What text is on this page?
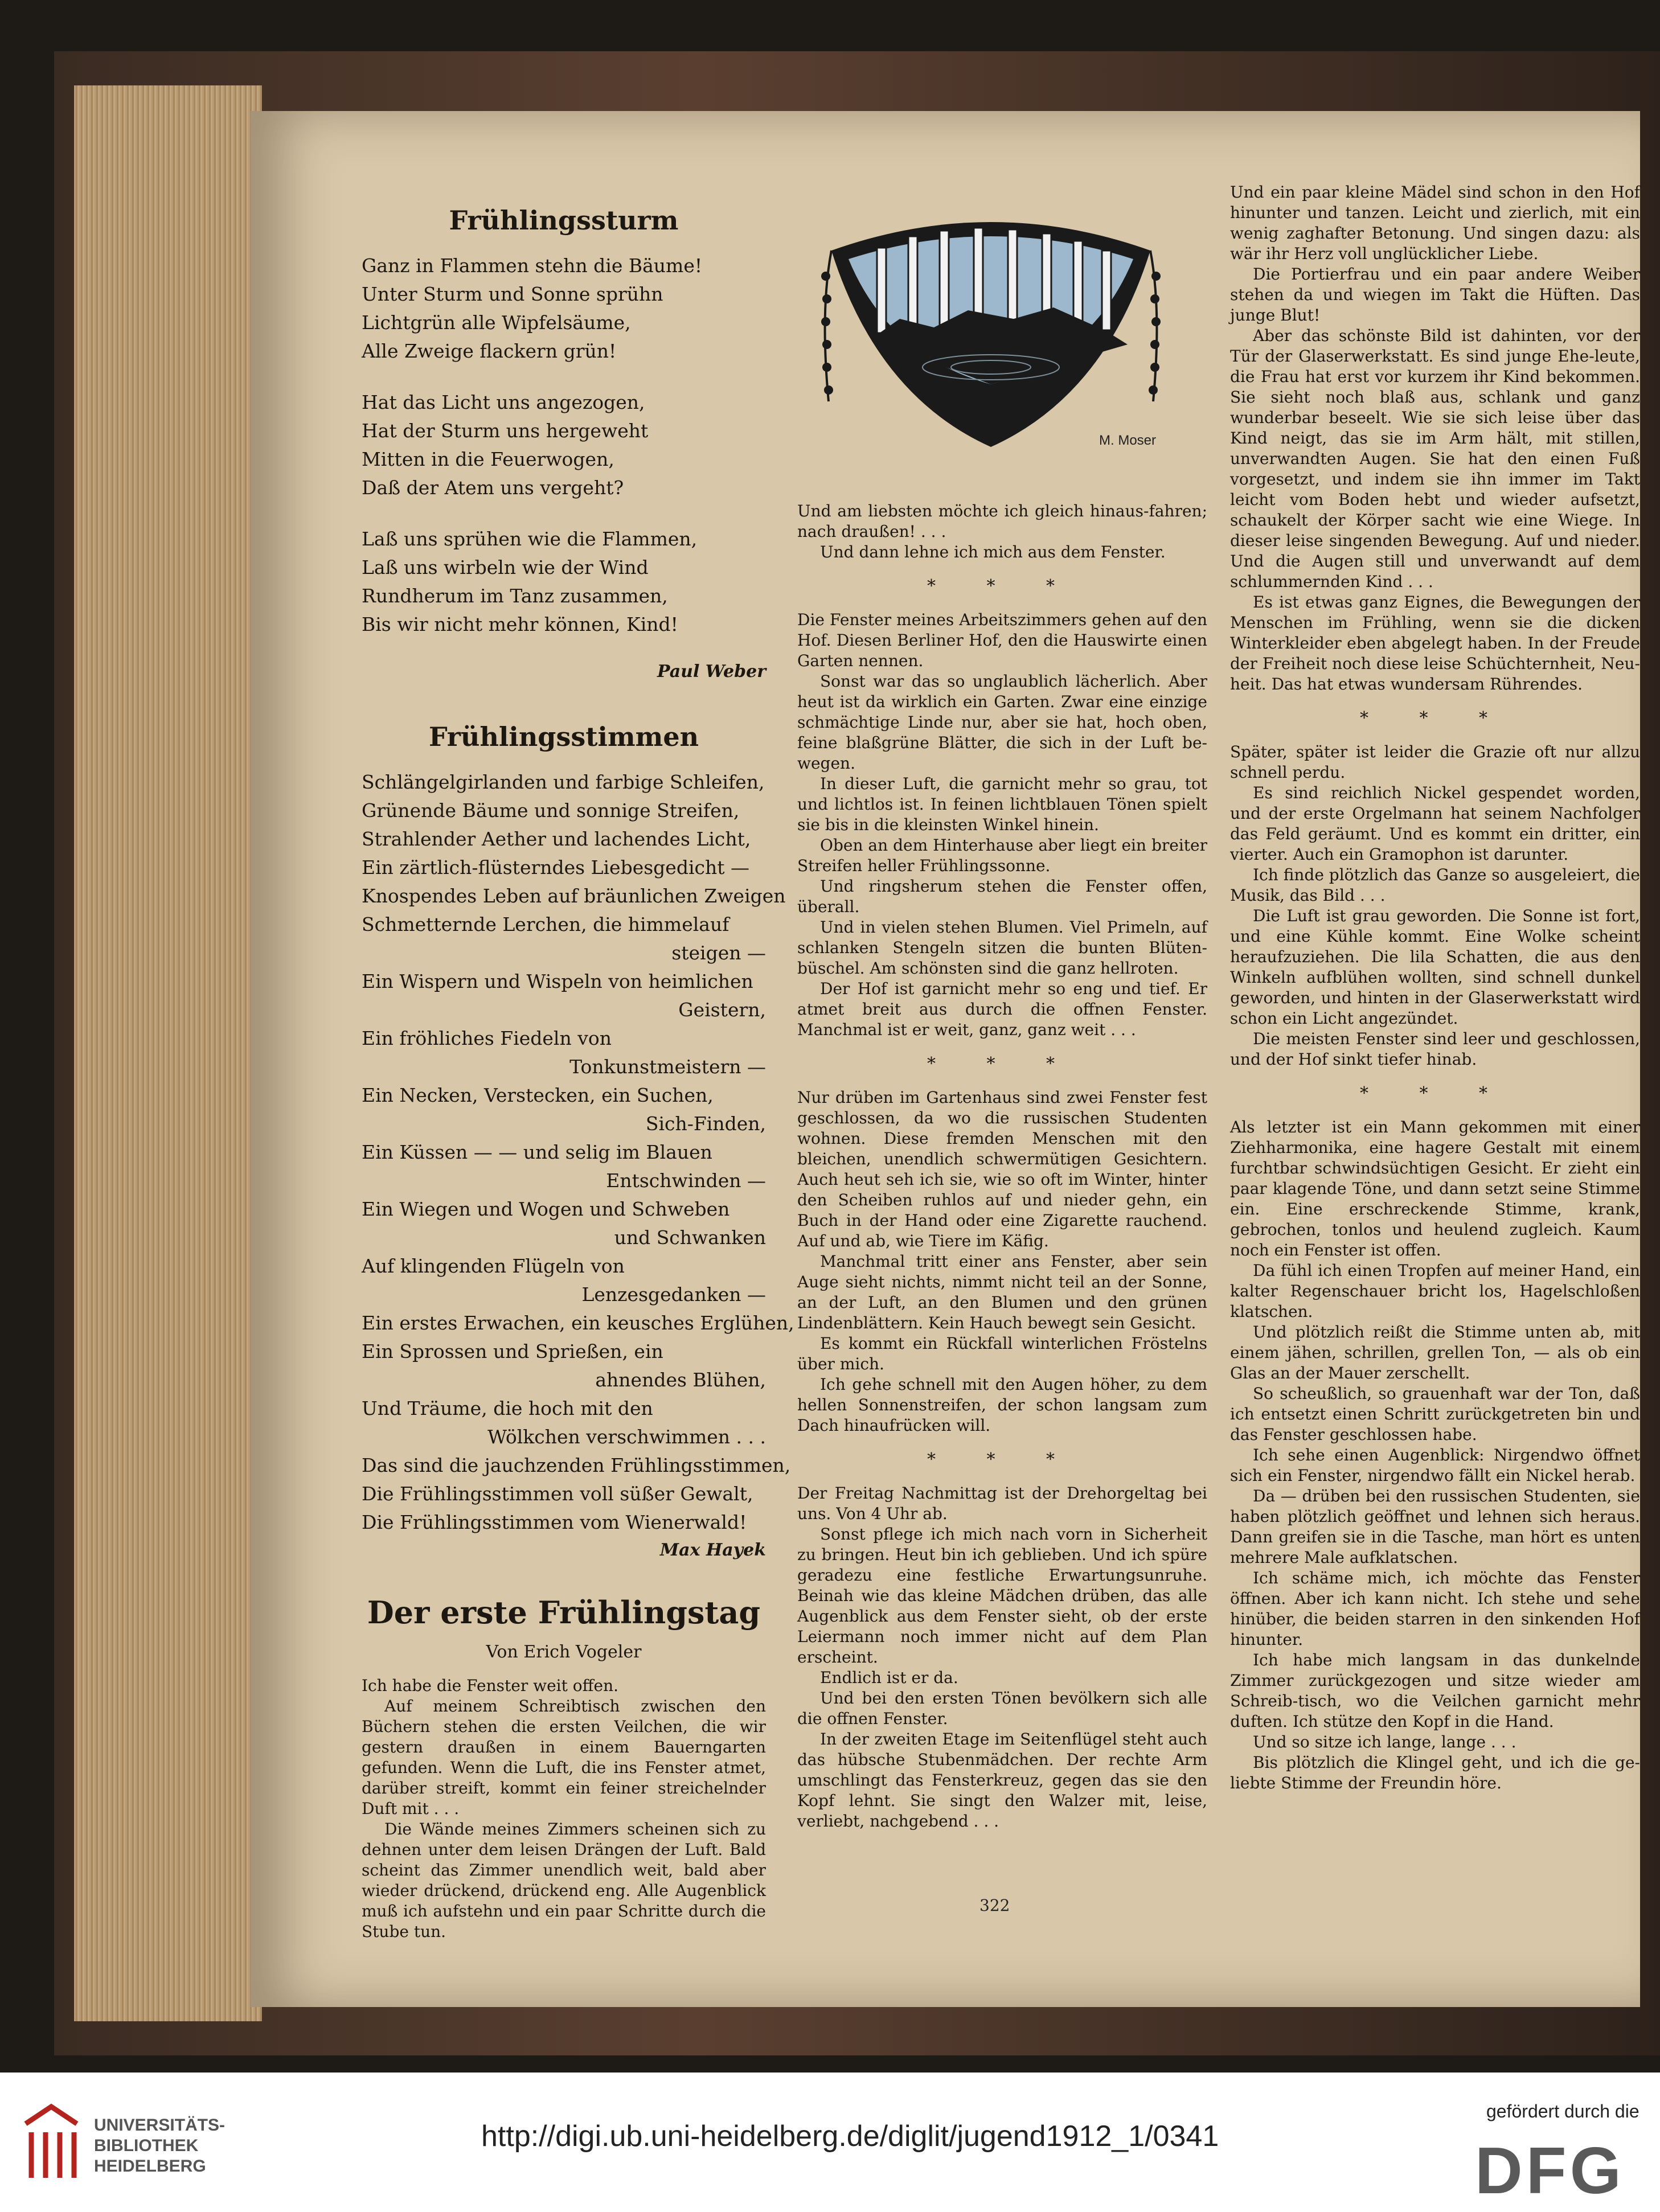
Frühlingssturm
Ganz in Flammen stehn die Bäume!
Unter Sturm und Sonne sprühn
Lichtgrün alle Wipfelsäume,
Alle Zweige flackern grün!
Hat das Licht uns angezogen,
Hat der Sturm uns hergeweht
Mitten in die Feuerwogen,
Daß der Atem uns vergeht?
Laß uns sprühen wie die Flammen,
Laß uns wirbeln wie der Wind
Rundherum im Tanz zusammen,
Bis wir nicht mehr können, Kind!
Paul Weber
Frühlingsstimmen
Schlängelgirlanden und farbige Schleifen,
Grünende Bäume und sonnige Streifen,
Strahlender Aether und lachendes Licht,
Ein zärtlich-flüsterndes Liebesgedicht —
Knospendes Leben auf bräunlichen Zweigen
Schmetternde Lerchen, die himmelauf
steigen —
Ein Wispern und Wispeln von heimlichen
Geistern,
Ein fröhliches Fiedeln von
Tonkunstmeistern —
Ein Necken, Verstecken, ein Suchen,
Sich-Finden,
Ein Küssen — — und selig im Blauen
Entschwinden —
Ein Wiegen und Wogen und Schweben
und Schwanken
Auf klingenden Flügeln von
Lenzesgedanken —
Ein erstes Erwachen, ein keusches Erglühen,
Ein Sprossen und Sprießen, ein
ahnendes Blühen,
Und Träume, die hoch mit den
Wölkchen verschwimmen . . .
Das sind die jauchzenden Frühlingsstimmen,
Die Frühlingsstimmen voll süßer Gewalt,
Die Frühlingsstimmen vom Wienerwald!
Max Hayek
Der erste Frühlingstag
Von Erich Vogeler

Ich habe die Fenster weit offen.

Auf meinem Schreibtisch zwischen den Büchern stehen die ersten Veilchen, die wir gestern draußen in einem Bauerngarten gefunden. Wenn die Luft, die ins Fenster atmet, darüber streift, kommt ein feiner streichelnder Duft mit . . .

Die Wände meines Zimmers scheinen sich zu dehnen unter dem leisen Drängen der Luft. Bald scheint das Zimmer unendlich weit, bald aber wieder drückend, drückend eng. Alle Augenblick muß ich aufstehn und ein paar Schritte durch die Stube tun.

M. Moser

Und am liebsten möchte ich gleich hinaus-fahren; nach draußen! . . .

Und dann lehne ich mich aus dem Fenster.

* * *

Die Fenster meines Arbeitszimmers gehen auf den Hof. Diesen Berliner Hof, den die Hauswirte einen Garten nennen.

Sonst war das so unglaublich lächerlich. Aber heut ist da wirklich ein Garten. Zwar eine einzige schmächtige Linde nur, aber sie hat, hoch oben, feine blaßgrüne Blätter, die sich in der Luft be-wegen.

In dieser Luft, die garnicht mehr so grau, tot und lichtlos ist. In feinen lichtblauen Tönen spielt sie bis in die kleinsten Winkel hinein.

Oben an dem Hinterhause aber liegt ein breiter Streifen heller Frühlingssonne.

Und ringsherum stehen die Fenster offen, überall.

Und in vielen stehen Blumen. Viel Primeln, auf schlanken Stengeln sitzen die bunten Blüten-büschel. Am schönsten sind die ganz hellroten.

Der Hof ist garnicht mehr so eng und tief. Er atmet breit aus durch die offnen Fenster. Manchmal ist er weit, ganz, ganz weit . . .

* * *

Nur drüben im Gartenhaus sind zwei Fenster fest geschlossen, da wo die russischen Studenten wohnen. Diese fremden Menschen mit den bleichen, unendlich schwermütigen Gesichtern. Auch heut seh ich sie, wie so oft im Winter, hinter den Scheiben ruhlos auf und nieder gehn, ein Buch in der Hand oder eine Zigarette rauchend. Auf und ab, wie Tiere im Käfig.

Manchmal tritt einer ans Fenster, aber sein Auge sieht nichts, nimmt nicht teil an der Sonne, an der Luft, an den Blumen und den grünen Lindenblättern. Kein Hauch bewegt sein Gesicht.

Es kommt ein Rückfall winterlichen Fröstelns über mich.

Ich gehe schnell mit den Augen höher, zu dem hellen Sonnenstreifen, der schon langsam zum Dach hinaufrücken will.

* * *

Der Freitag Nachmittag ist der Drehorgeltag bei uns. Von 4 Uhr ab.

Sonst pflege ich mich nach vorn in Sicherheit zu bringen. Heut bin ich geblieben. Und ich spüre geradezu eine festliche Erwartungsunruhe. Beinah wie das kleine Mädchen drüben, das alle Augenblick aus dem Fenster sieht, ob der erste Leiermann noch immer nicht auf dem Plan erscheint.

Endlich ist er da.

Und bei den ersten Tönen bevölkern sich alle die offnen Fenster.

In der zweiten Etage im Seitenflügel steht auch das hübsche Stubenmädchen. Der rechte Arm umschlingt das Fensterkreuz, gegen das sie den Kopf lehnt. Sie singt den Walzer mit, leise, verliebt, nachgebend . . .

Und ein paar kleine Mädel sind schon in den Hof hinunter und tanzen. Leicht und zierlich, mit ein wenig zaghafter Betonung. Und singen dazu: als wär ihr Herz voll unglücklicher Liebe.

Die Portierfrau und ein paar andere Weiber stehen da und wiegen im Takt die Hüften. Das junge Blut!

Aber das schönste Bild ist dahinten, vor der Tür der Glaserwerkstatt. Es sind junge Ehe-leute, die Frau hat erst vor kurzem ihr Kind bekommen. Sie sieht noch blaß aus, schlank und ganz wunderbar beseelt. Wie sie sich leise über das Kind neigt, das sie im Arm hält, mit stillen, unverwandten Augen. Sie hat den einen Fuß vorgesetzt, und indem sie ihn immer im Takt leicht vom Boden hebt und wieder aufsetzt, schaukelt der Körper sacht wie eine Wiege. In dieser leise singenden Bewegung. Auf und nieder. Und die Augen still und unverwandt auf dem schlummernden Kind . . .

Es ist etwas ganz Eignes, die Bewegungen der Menschen im Frühling, wenn sie die dicken Winterkleider eben abgelegt haben. In der Freude der Freiheit noch diese leise Schüchternheit, Neu-heit. Das hat etwas wundersam Rührendes.

* * *

Später, später ist leider die Grazie oft nur allzu schnell perdu.

Es sind reichlich Nickel gespendet worden, und der erste Orgelmann hat seinem Nachfolger das Feld geräumt. Und es kommt ein dritter, ein vierter. Auch ein Gramophon ist darunter.

Ich finde plötzlich das Ganze so ausgeleiert, die Musik, das Bild . . .

Die Luft ist grau geworden. Die Sonne ist fort, und eine Kühle kommt. Eine Wolke scheint heraufzuziehen. Die lila Schatten, die aus den Winkeln aufblühen wollten, sind schnell dunkel geworden, und hinten in der Glaserwerkstatt wird schon ein Licht angezündet.

Die meisten Fenster sind leer und geschlossen, und der Hof sinkt tiefer hinab.

* * *

Als letzter ist ein Mann gekommen mit einer Ziehharmonika, eine hagere Gestalt mit einem furchtbar schwindsüchtigen Gesicht. Er zieht ein paar klagende Töne, und dann setzt seine Stimme ein. Eine erschreckende Stimme, krank, gebrochen, tonlos und heulend zugleich. Kaum noch ein Fenster ist offen.

Da fühl ich einen Tropfen auf meiner Hand, ein kalter Regenschauer bricht los, Hagelschloßen klatschen.

Und plötzlich reißt die Stimme unten ab, mit einem jähen, schrillen, grellen Ton, — als ob ein Glas an der Mauer zerschellt.

So scheußlich, so grauenhaft war der Ton, daß ich entsetzt einen Schritt zurückgetreten bin und das Fenster geschlossen habe.

Ich sehe einen Augenblick: Nirgendwo öffnet sich ein Fenster, nirgendwo fällt ein Nickel herab.

Da — drüben bei den russischen Studenten, sie haben plötzlich geöffnet und lehnen sich heraus. Dann greifen sie in die Tasche, man hört es unten mehrere Male aufklatschen.

Ich schäme mich, ich möchte das Fenster öffnen. Aber ich kann nicht. Ich stehe und sehe hinüber, die beiden starren in den sinkenden Hof hinunter.

Ich habe mich langsam in das dunkelnde Zimmer zurückgezogen und sitze wieder am Schreib-tisch, wo die Veilchen garnicht mehr duften. Ich stütze den Kopf in die Hand.

Und so sitze ich lange, lange . . .

Bis plötzlich die Klingel geht, und ich die ge-liebte Stimme der Freundin höre.

322
UNIVERSITÄTS-
BIBLIOTHEK
HEIDELBERG
http://digi.ub.uni-heidelberg.de/diglit/jugend1912_1/0341
gefördert durch die
DFG
